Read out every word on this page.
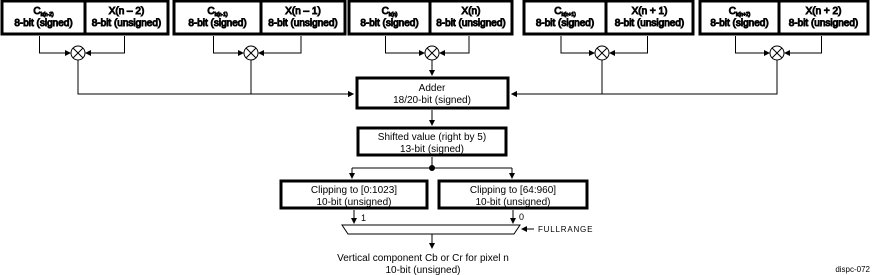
$C_{k(n-2)}$
8-bit (signed)
X(n – 2)
8-bit (unsigned)
$C_{k(n-1)}$
8-bit (signed)
X(n – 1)
8-bit (unsigned)
$C_{k(n)}$
8-bit (signed)
X(n)
8-bit (unsigned)
$C_{k(n+1)}$
8-bit (signed)
X(n + 1)
8-bit (unsigned)
$C_{k(n+2)}$
8-bit (signed)
X(n + 2)
8-bit (unsigned)
Adder
18/20-bit (signed)
Shifted value (right by 5)
13-bit (signed)
Clipping to [0:1023]
10-bit (unsigned)
Clipping to [64:960]
10-bit (unsigned)
1	0
FULLRANGE
Vertical component Cb or Cr for pixel n
10-bit (unsigned)	dispc-072
